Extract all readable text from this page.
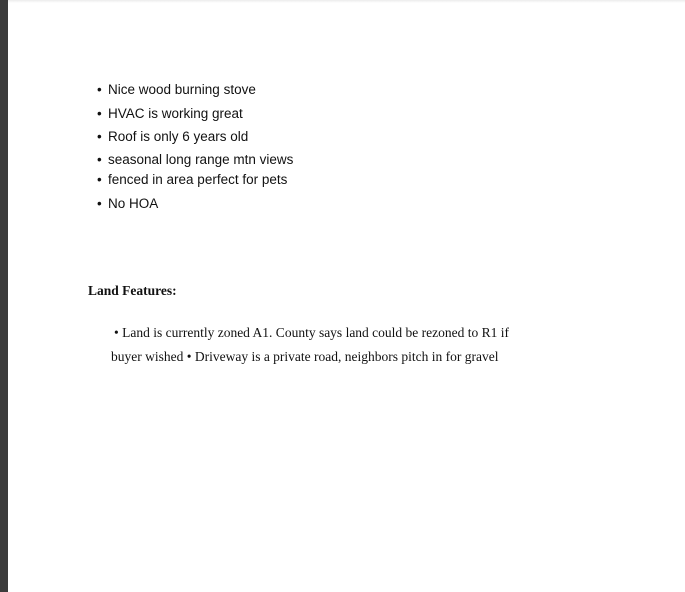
• Nice wood burning stove
• HVAC is working great
• Roof is only 6 years old
• seasonal long range mtn views
• fenced in area perfect for pets
• No HOA
Land Features:

• Land is currently zoned A1. County says land could be rezoned to R1 if buyer wished • Driveway is a private road, neighbors pitch in for gravel
